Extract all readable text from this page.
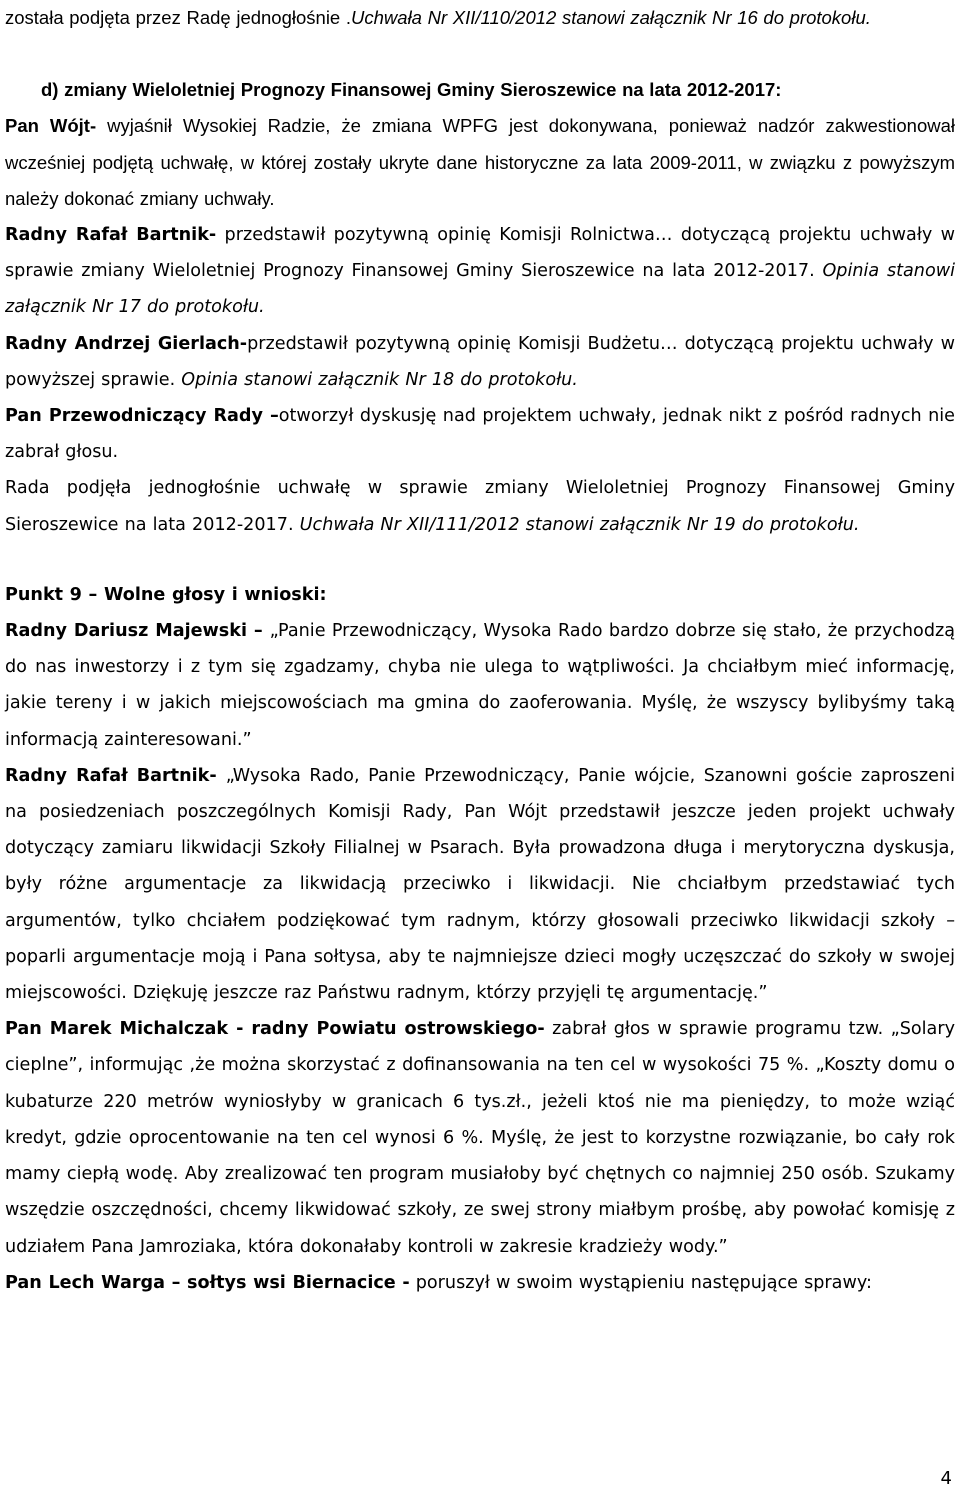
została podjęta przez Radę jednogłośnie .Uchwała Nr XII/110/2012 stanowi załącznik Nr 16 do protokołu.

d) zmiany Wieloletniej Prognozy Finansowej Gminy Sieroszewice na lata 2012-2017:

Pan Wójt- wyjaśnił Wysokiej Radzie, że zmiana WPFG jest dokonywana, ponieważ nadzór zakwestionował wcześniej podjętą uchwałę, w której zostały ukryte dane historyczne za lata 2009-2011, w związku z powyższym należy dokonać zmiany uchwały.

Radny Rafał Bartnik- przedstawił pozytywną opinię Komisji Rolnictwa… dotyczącą projektu uchwały w sprawie zmiany Wieloletniej Prognozy Finansowej Gminy Sieroszewice na lata 2012-2017. Opinia stanowi załącznik Nr 17 do protokołu.

Radny Andrzej Gierlach-przedstawił pozytywną opinię Komisji Budżetu… dotyczącą projektu uchwały w powyższej sprawie. Opinia stanowi załącznik Nr 18 do protokołu.

Pan Przewodniczący Rady –otworzył dyskusję nad projektem uchwały, jednak nikt z pośród radnych nie zabrał głosu.

Rada podjęła jednogłośnie uchwałę w sprawie zmiany Wieloletniej Prognozy Finansowej Gminy Sieroszewice na lata 2012-2017. Uchwała Nr XII/111/2012 stanowi załącznik Nr 19 do protokołu.

Punkt 9 – Wolne głosy i wnioski:

Radny Dariusz Majewski – „Panie Przewodniczący, Wysoka Rado bardzo dobrze się stało, że przychodzą do nas inwestorzy i z tym się zgadzamy, chyba nie ulega to wątpliwości. Ja chciałbym mieć informację, jakie tereny i w jakich miejscowościach ma gmina do zaoferowania. Myślę, że wszyscy bylibyśmy taką informacją zainteresowani.”

Radny Rafał Bartnik- „Wysoka Rado, Panie Przewodniczący, Panie wójcie, Szanowni goście zaproszeni na posiedzeniach poszczególnych Komisji Rady, Pan Wójt przedstawił jeszcze jeden projekt uchwały dotyczący zamiaru likwidacji Szkoły Filialnej w Psarach. Była prowadzona długa i merytoryczna dyskusja, były różne argumentacje za likwidacją przeciwko i likwidacji. Nie chciałbym przedstawiać tych argumentów, tylko chciałem podziękować tym radnym, którzy głosowali przeciwko likwidacji szkoły – poparli argumentacje moją i Pana sołtysa, aby te najmniejsze dzieci mogły uczęszczać do szkoły w swojej miejscowości. Dziękuję jeszcze raz Państwu radnym, którzy przyjęli tę argumentację.”

Pan Marek Michalczak - radny Powiatu ostrowskiego- zabrał głos w sprawie programu tzw. „Solary cieplne”, informując ,że można skorzystać z dofinansowania na ten cel w wysokości 75 %. „Koszty domu o kubaturze 220 metrów wyniosłyby w granicach 6 tys.zł., jeżeli ktoś nie ma pieniędzy, to może wziąć kredyt, gdzie oprocentowanie na ten cel wynosi 6 %. Myślę, że jest to korzystne rozwiązanie, bo cały rok mamy ciepłą wodę. Aby zrealizować ten program musiałoby być chętnych co najmniej 250 osób. Szukamy wszędzie oszczędności, chcemy likwidować szkoły, ze swej strony miałbym prośbę, aby powołać komisję z udziałem Pana Jamroziaka, która dokonałaby kontroli w zakresie kradzieży wody.”

Pan Lech Warga – sołtys wsi Biernacice - poruszył w swoim wystąpieniu następujące sprawy:

4
